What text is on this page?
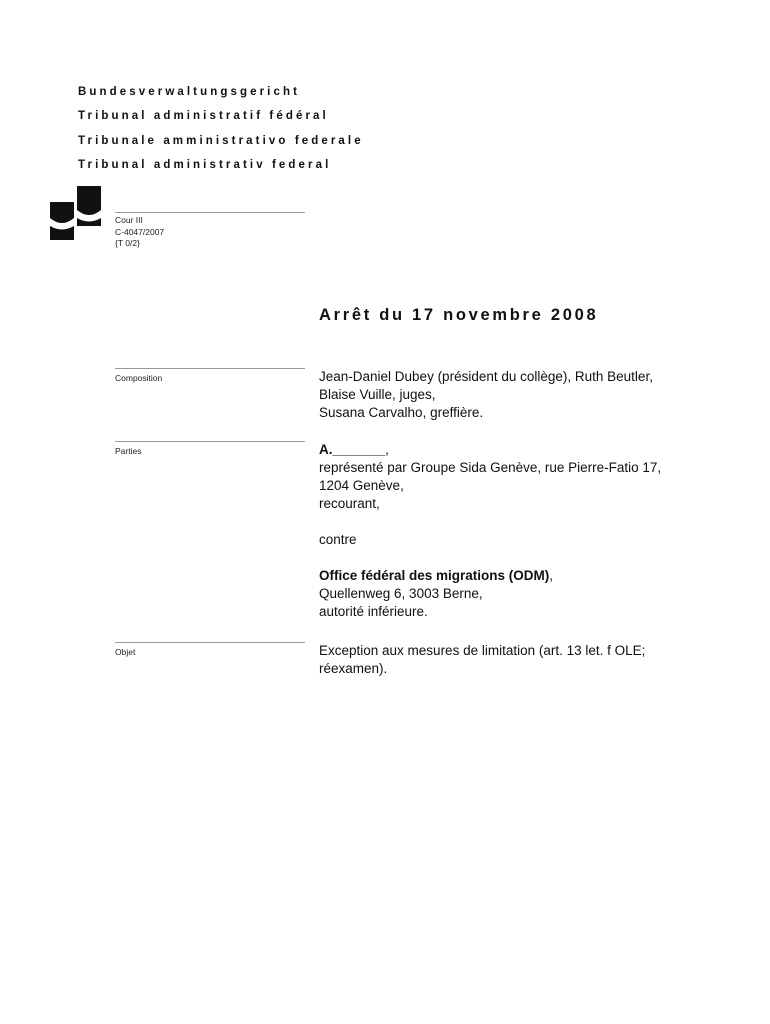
Bundesverwaltungsgericht
Tribunal administratif fédéral
Tribunale amministrativo federale
Tribunal administrativ federal
Cour III
C-4047/2007
{T 0/2}
Arrêt du 17 novembre 2008
Composition	Jean-Daniel Dubey (président du collège), Ruth Beutler,
Blaise Vuille, juges,
Susana Carvalho, greffière.
Parties	A._______,
représenté par Groupe Sida Genève, rue Pierre-Fatio 17,
1204 Genève,
recourant,
contre
Office fédéral des migrations (ODM),
Quellenweg 6, 3003 Berne,
autorité inférieure.
Objet	Exception aux mesures de limitation (art. 13 let. f OLE;
réexamen).
